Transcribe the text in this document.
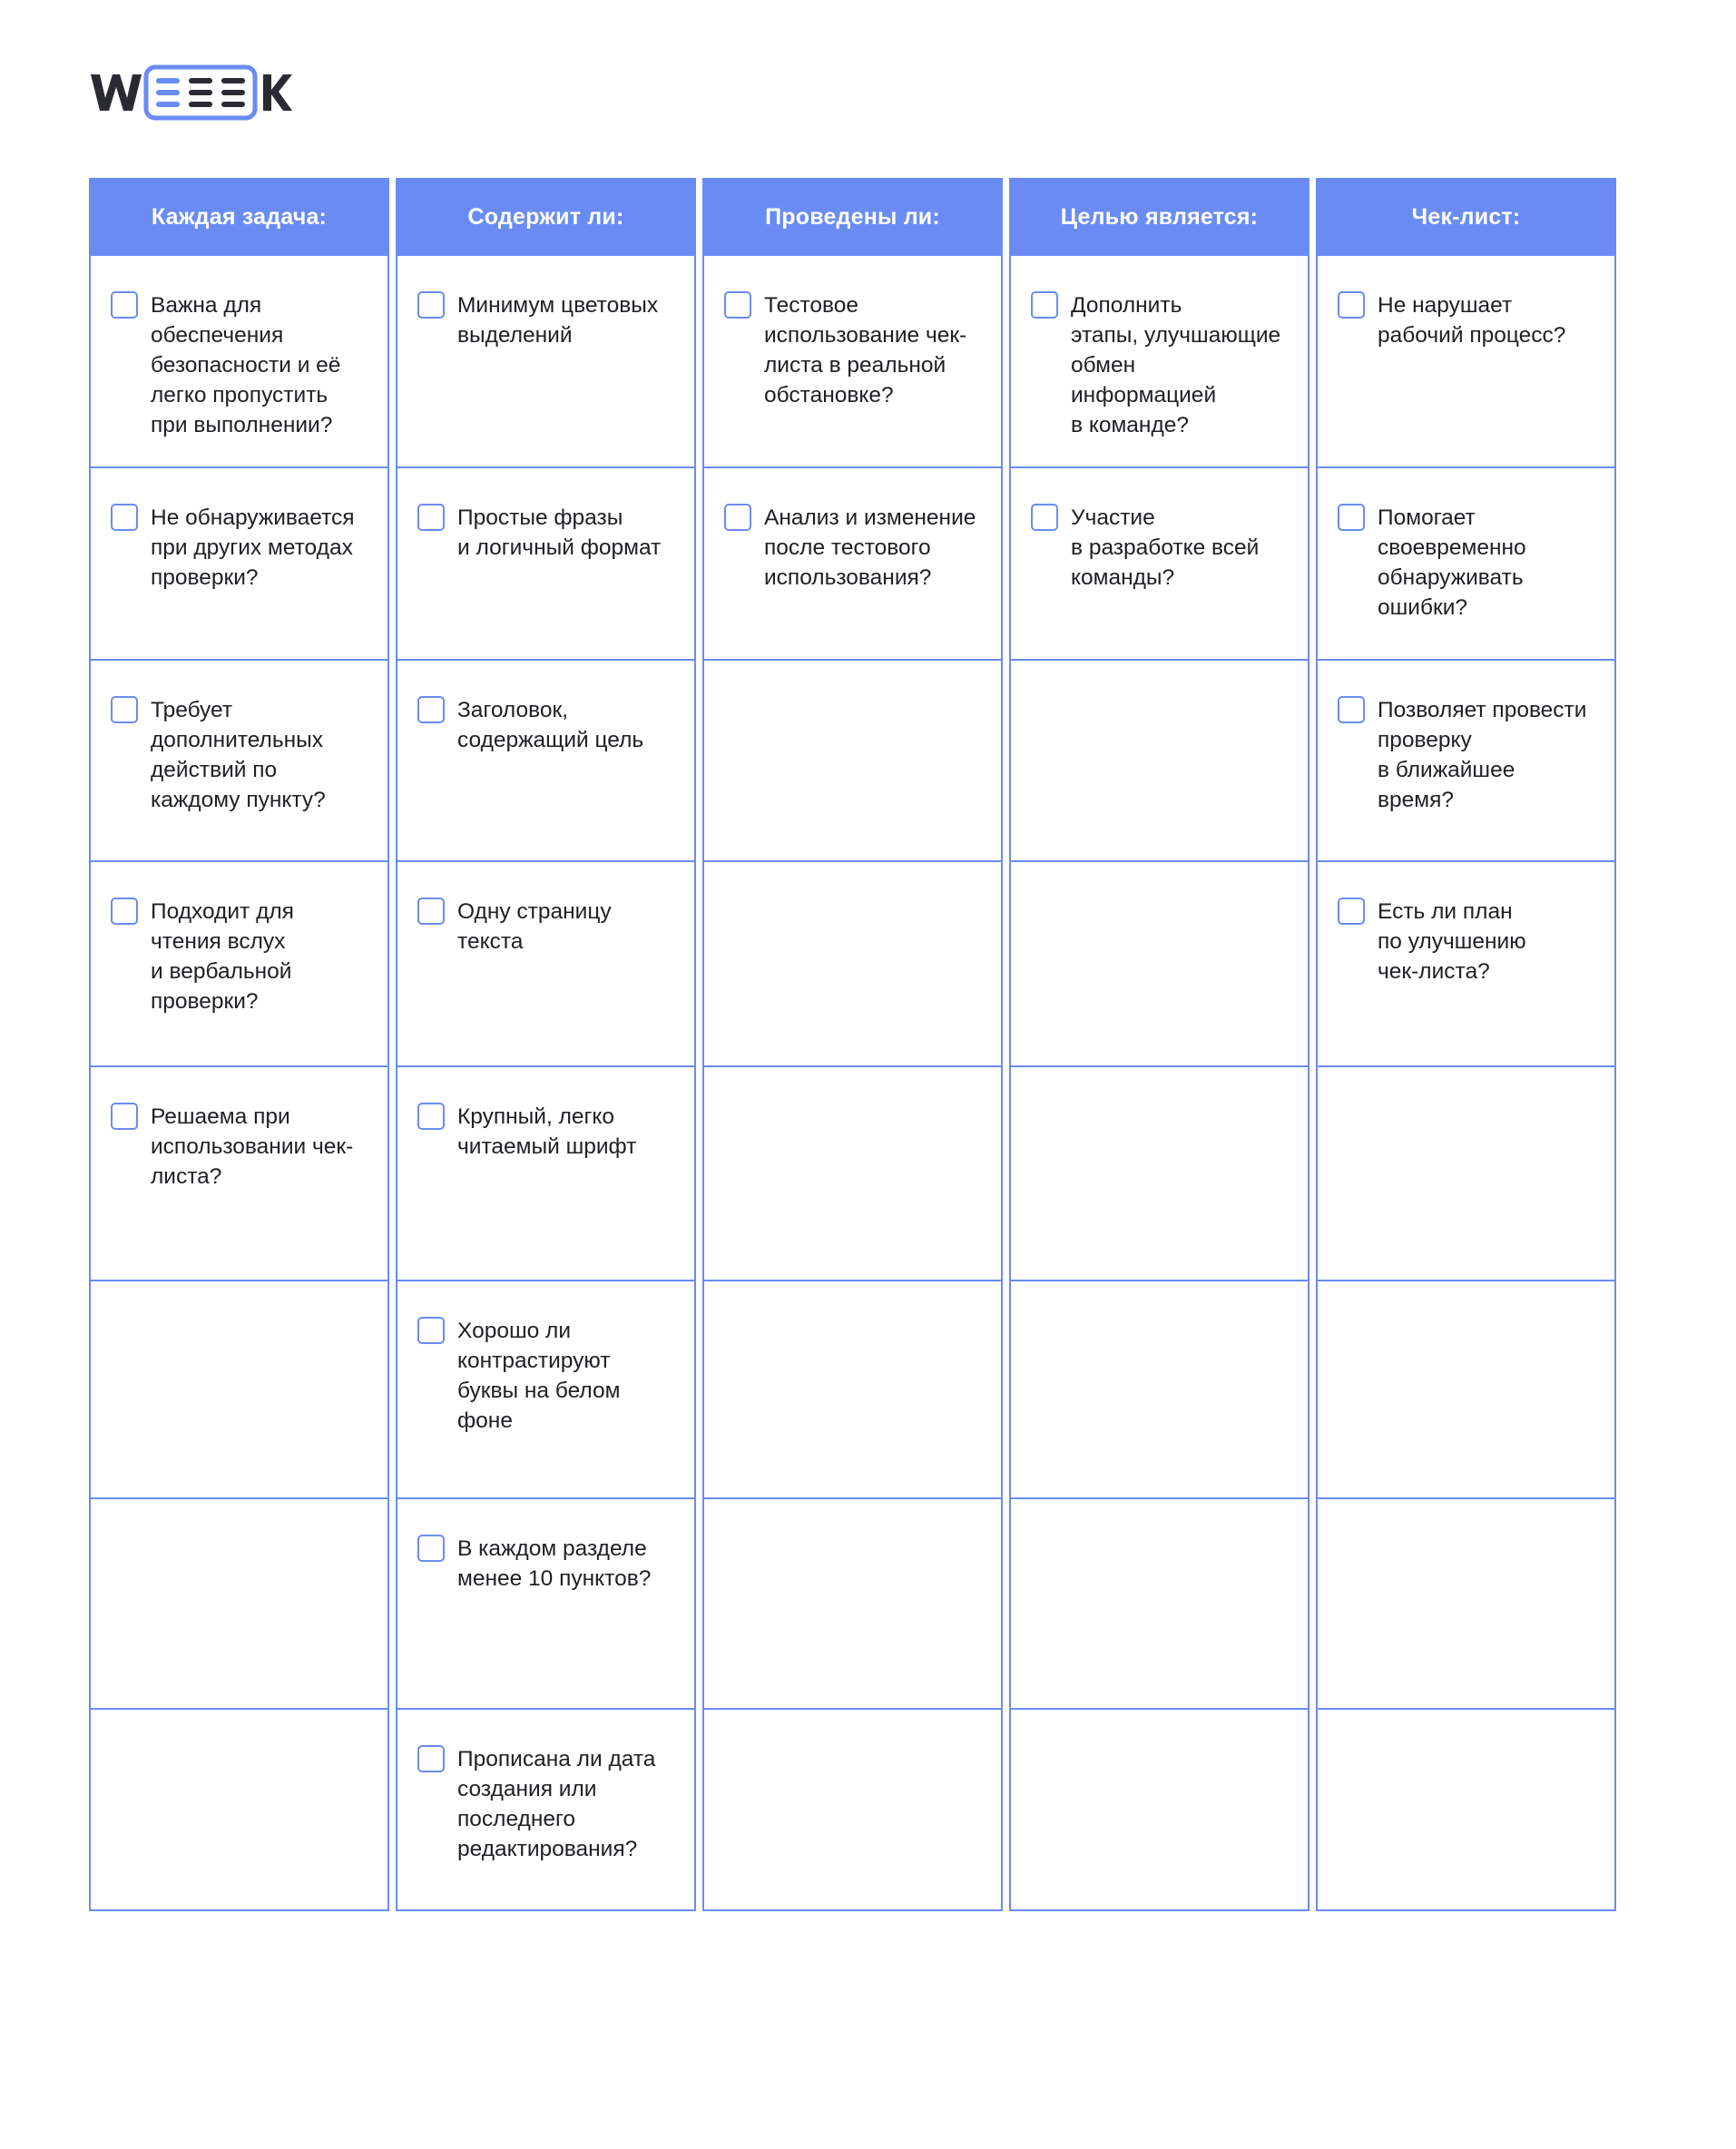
Каждая задача:
Важна для
обеспечения
безопасности и её
легко пропустить
при выполнении?
Не обнаруживается
при других методах
проверки?
Требует
дополнительных
действий по
каждому пункту?
Подходит для
чтения вслух
и вербальной
проверки?
Решаема при
использовании чек-
листа?
Содержит ли:
Минимум цветовых
выделений
Простые фразы
и логичный формат
Заголовок,
содержащий цель
Одну страницу
текста
Крупный, легко
читаемый шрифт
Хорошо ли
контрастируют
буквы на белом
фоне
В каждом разделе
менее 10 пунктов?
Прописана ли дата
создания или
последнего
редактирования?
Проведены ли:
Тестовое
использование чек-
листа в реальной
обстановке?
Анализ и изменение
после тестового
использования?
Целью является:
Дополнить
этапы, улучшающие
обмен
информацией
в команде?
Участие
в разработке всей
команды?
Чек-лист:
Не нарушает
рабочий процесс?
Помогает
своевременно
обнаруживать
ошибки?
Позволяет провести
проверку
в ближайшее
время?
Есть ли план
по улучшению
чек-листа?
